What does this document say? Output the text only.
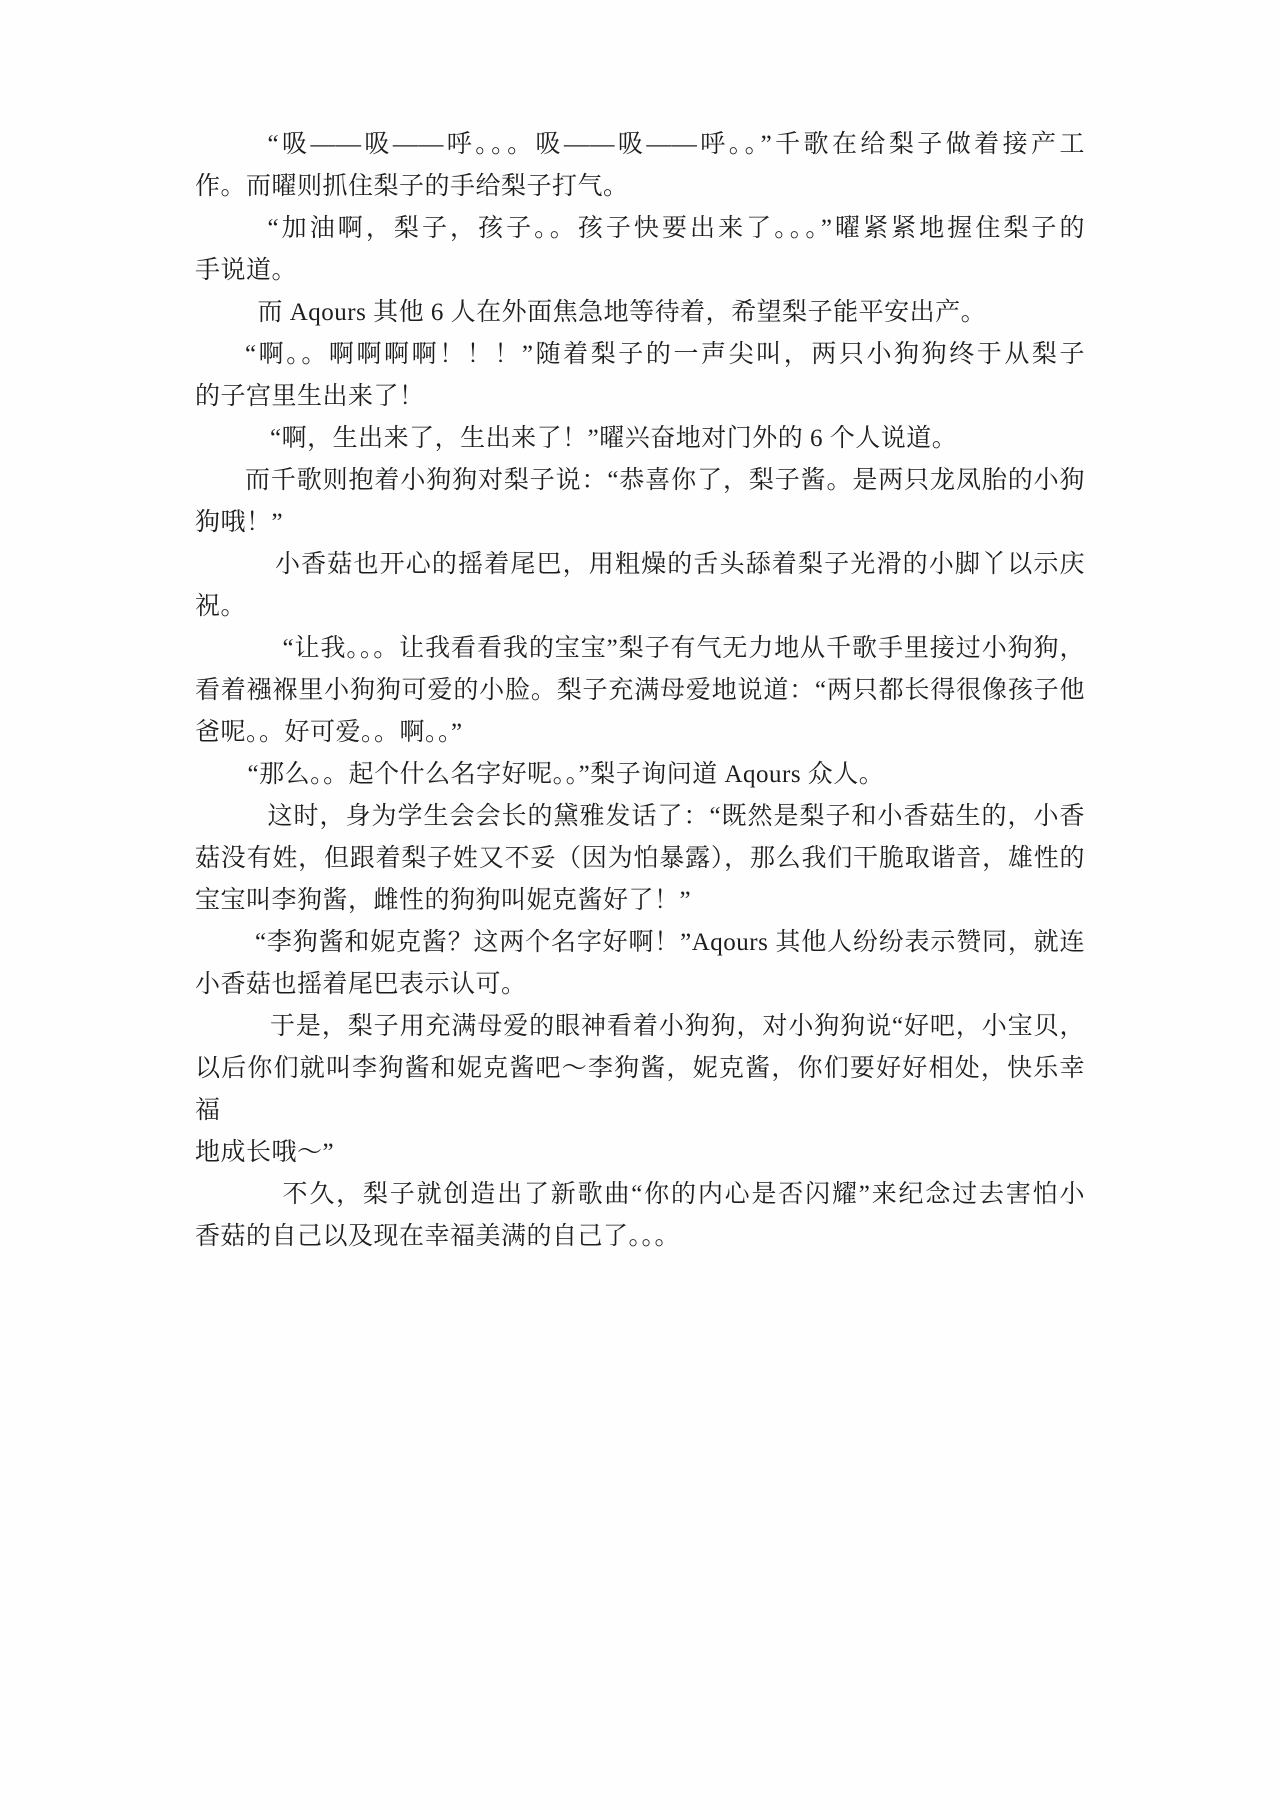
“吸——吸——呼。。。吸——吸——呼。。”千歌在给梨子做着接产工
作。而曜则抓住梨子的手给梨子打气。
“加油啊，梨子，孩子。。孩子快要出来了。。。”曜紧紧地握住梨子的
手说道。
而 Aqours 其他 6 人在外面焦急地等待着，希望梨子能平安出产。
“啊。。啊啊啊啊！！！”随着梨子的一声尖叫，两只小狗狗终于从梨子
的子宫里生出来了！
“啊，生出来了，生出来了！”曜兴奋地对门外的 6 个人说道。
而千歌则抱着小狗狗对梨子说：“恭喜你了，梨子酱。是两只龙凤胎的小狗
狗哦！”
小香菇也开心的摇着尾巴，用粗燥的舌头舔着梨子光滑的小脚丫以示庆
祝。
“让我。。。让我看看我的宝宝”梨子有气无力地从千歌手里接过小狗狗，
看着襁褓里小狗狗可爱的小脸。梨子充满母爱地说道：“两只都长得很像孩子他
爸呢。。好可爱。。啊。。”
“那么。。起个什么名字好呢。。”梨子询问道 Aqours 众人。
这时，身为学生会会长的黛雅发话了：“既然是梨子和小香菇生的，小香
菇没有姓，但跟着梨子姓又不妥（因为怕暴露），那么我们干脆取谐音，雄性的
宝宝叫李狗酱，雌性的狗狗叫妮克酱好了！”
“李狗酱和妮克酱？这两个名字好啊！”Aqours 其他人纷纷表示赞同，就连
小香菇也摇着尾巴表示认可。
于是，梨子用充满母爱的眼神看着小狗狗，对小狗狗说“好吧，小宝贝，
以后你们就叫李狗酱和妮克酱吧～李狗酱，妮克酱，你们要好好相处，快乐幸福
地成长哦～”
不久，梨子就创造出了新歌曲“你的内心是否闪耀”来纪念过去害怕小
香菇的自己以及现在幸福美满的自己了。。。
